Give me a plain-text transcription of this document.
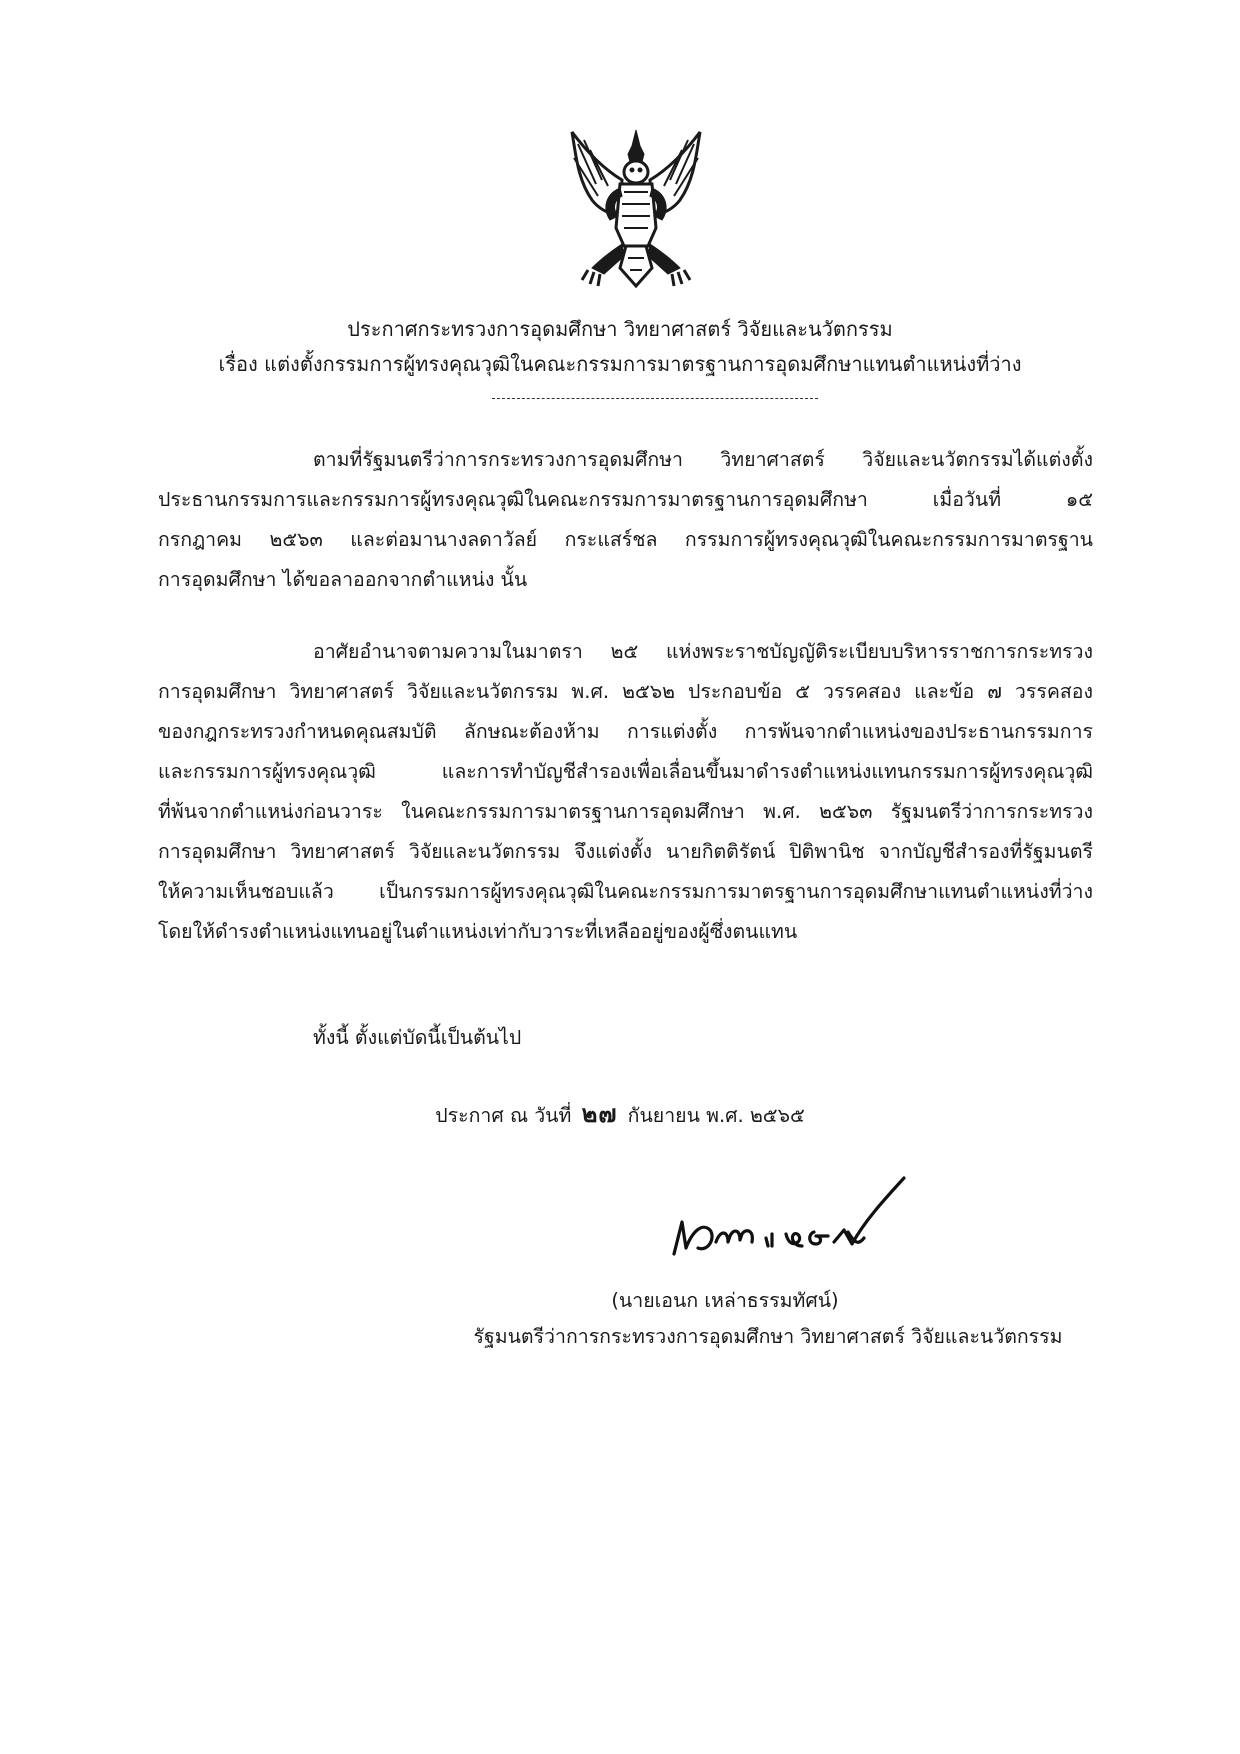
ประกาศกระทรวงการอุดมศึกษา วิทยาศาสตร์ วิจัยและนวัตกรรม
เรื่อง แต่งตั้งกรรมการผู้ทรงคุณวุฒิในคณะกรรมการมาตรฐานการอุดมศึกษาแทนตำแหน่งที่ว่าง
ตามที่รัฐมนตรีว่าการกระทรวงการอุดมศึกษา วิทยาศาสตร์ วิจัยและนวัตกรรมได้แต่งตั้ง
ประธานกรรมการและกรรมการผู้ทรงคุณวุฒิในคณะกรรมการมาตรฐานการอุดมศึกษา เมื่อวันที่ ๑๕
กรกฎาคม ๒๕๖๓ และต่อมานางลดาวัลย์ กระแสร์ชล กรรมการผู้ทรงคุณวุฒิในคณะกรรมการมาตรฐาน
การอุดมศึกษา ได้ขอลาออกจากตำแหน่ง นั้น
อาศัยอำนาจตามความในมาตรา ๒๕ แห่งพระราชบัญญัติระเบียบบริหารราชการกระทรวง
การอุดมศึกษา วิทยาศาสตร์ วิจัยและนวัตกรรม พ.ศ. ๒๕๖๒ ประกอบข้อ ๕ วรรคสอง และข้อ ๗ วรรคสอง
ของกฎกระทรวงกำหนดคุณสมบัติ ลักษณะต้องห้าม การแต่งตั้ง การพ้นจากตำแหน่งของประธานกรรมการ
และกรรมการผู้ทรงคุณวุฒิ และการทำบัญชีสำรองเพื่อเลื่อนขึ้นมาดำรงตำแหน่งแทนกรรมการผู้ทรงคุณวุฒิ
ที่พ้นจากตำแหน่งก่อนวาระ ในคณะกรรมการมาตรฐานการอุดมศึกษา พ.ศ. ๒๕๖๓ รัฐมนตรีว่าการกระทรวง
การอุดมศึกษา วิทยาศาสตร์ วิจัยและนวัตกรรม จึงแต่งตั้ง นายกิตติรัตน์ ปิติพานิช จากบัญชีสำรองที่รัฐมนตรี
ให้ความเห็นชอบแล้ว เป็นกรรมการผู้ทรงคุณวุฒิในคณะกรรมการมาตรฐานการอุดมศึกษาแทนตำแหน่งที่ว่าง
โดยให้ดำรงตำแหน่งแทนอยู่ในตำแหน่งเท่ากับวาระที่เหลืออยู่ของผู้ซึ่งตนแทน
ทั้งนี้ ตั้งแต่บัดนี้เป็นต้นไป
ประกาศ ณ วันที่ ๒๗ กันยายน พ.ศ. ๒๕๖๕
(นายเอนก เหล่าธรรมทัศน์)
รัฐมนตรีว่าการกระทรวงการอุดมศึกษา วิทยาศาสตร์ วิจัยและนวัตกรรม
